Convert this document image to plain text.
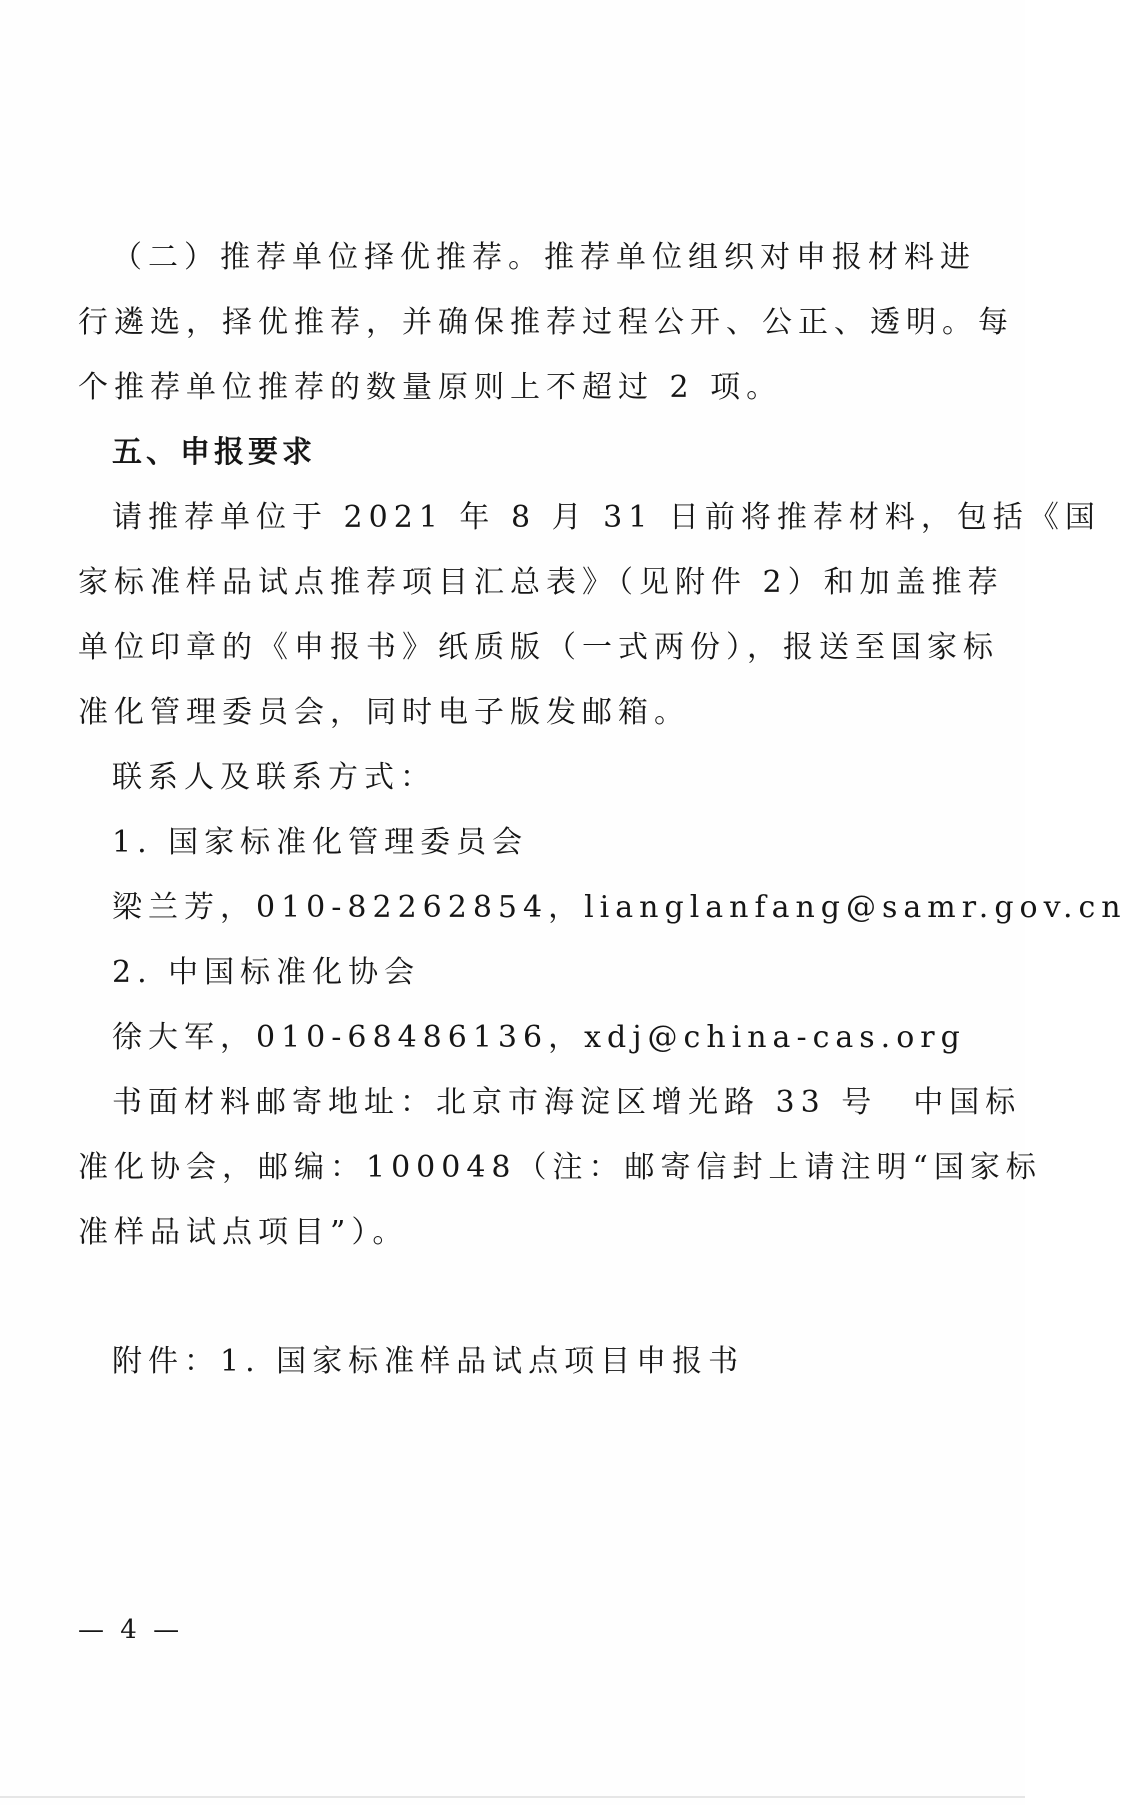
（二）推荐单位择优推荐。推荐单位组织对申报材料进
行遴选，择优推荐，并确保推荐过程公开、公正、透明。每
个推荐单位推荐的数量原则上不超过 2 项。
五、申报要求
请推荐单位于 2021 年 8 月 31 日前将推荐材料，包括《国
家标准样品试点推荐项目汇总表》（见附件 2）和加盖推荐
单位印章的《申报书》纸质版（一式两份），报送至国家标
准化管理委员会，同时电子版发邮箱。
联系人及联系方式：
1. 国家标准化管理委员会
梁兰芳，010-82262854，lianglanfang@samr.gov.cn
2. 中国标准化协会
徐大军，010-68486136，xdj@china-cas.org
书面材料邮寄地址：北京市海淀区增光路 33 号　中国标
准化协会，邮编：100048（注：邮寄信封上请注明“国家标
准样品试点项目”）。
附件：1. 国家标准样品试点项目申报书
— 4 —
